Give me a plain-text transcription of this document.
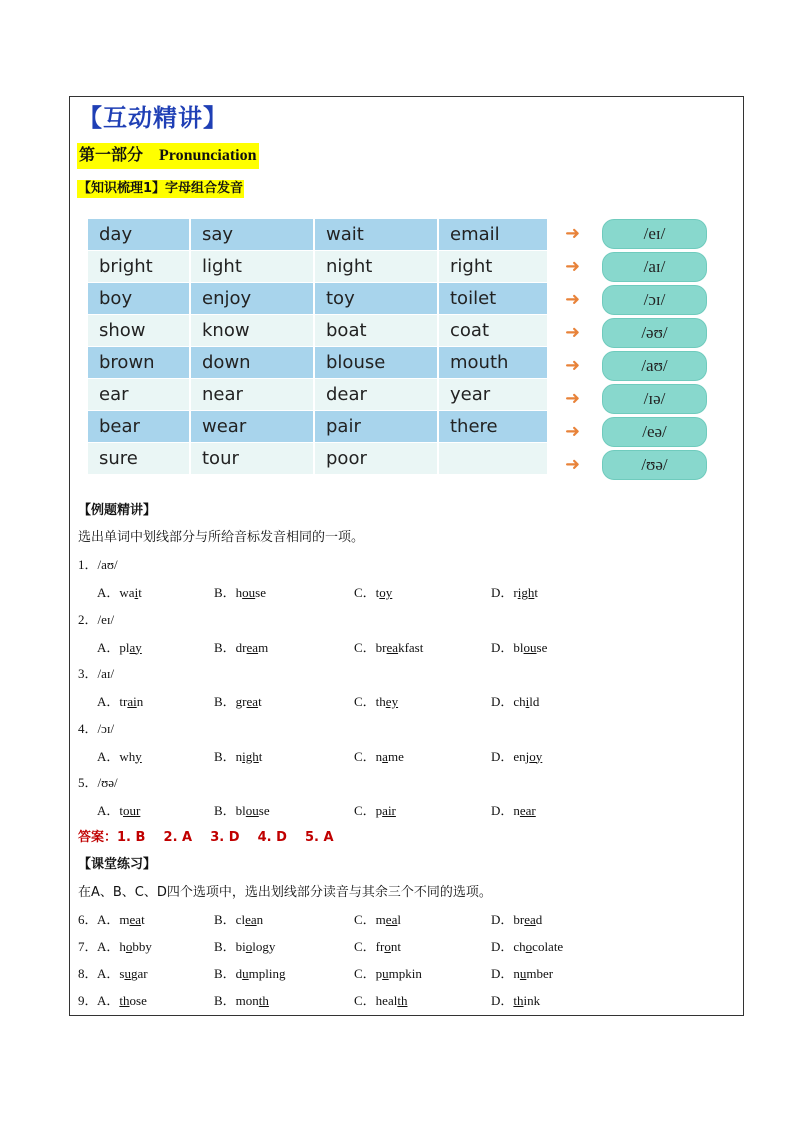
【互动精讲】
第一部分    Pronunciation
【知识梳理1】字母组合发音
day	say	wait	email
bright	light	night	right
boy	enjoy	toy	toilet
show	know	boat	coat
brown	down	blouse	mouth
ear	near	dear	year
bear	wear	pair	there
sure	tour	poor	
➜	/eɪ/
➜	/aɪ/
➜	/ɔɪ/
➜	/əʊ/
➜	/aʊ/
➜	/ɪə/
➜	/eə/
➜	/ʊə/
【例题精讲】
选出单词中划线部分与所给音标发音相同的一项。
1．/aʊ/
A．wait	B．house	C．toy	D．right
2．/eɪ/
A．play	B．dream	C．breakfast	D．blouse
3．/aɪ/
A．train	B．great	C．they	D．child
4．/ɔɪ/
A．why	B．night	C．name	D．enjoy
5．/ʊə/
A．tour	B．blouse	C．pair	D．near
答案：1. B    2. A    3. D    4. D    5. A
【课堂练习】
在A、B、C、D四个选项中，选出划线部分读音与其余三个不同的选项。
6． A．meat	B．clean	C．meal	D．bread
7． A．hobby	B．biology	C．front	D．chocolate
8． A．sugar	B．dumpling	C．pumpkin	D．number
9． A．those	B．month	C．health	D．think
